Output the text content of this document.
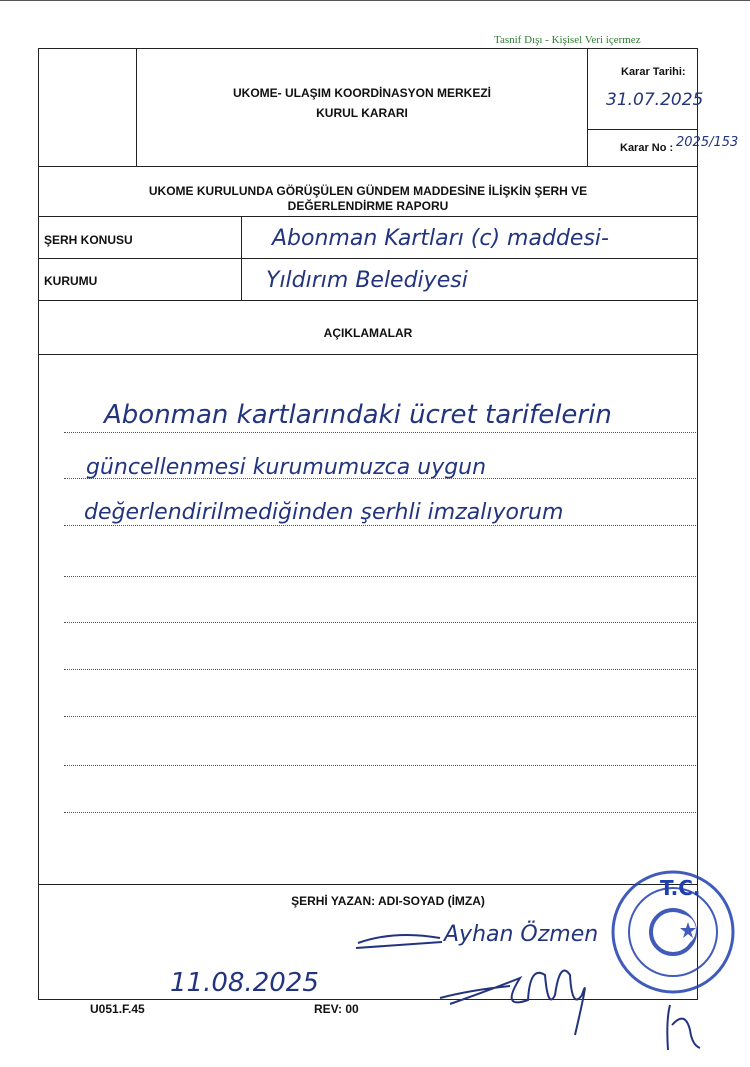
Tasnif Dışı - Kişisel Veri içermez
UKOME- ULAŞIM KOORDİNASYON MERKEZİ
KURUL KARARI
Karar Tarihi:
31.07.2025
Karar No : 2025/153
UKOME KURULUNDA GÖRÜŞÜLEN GÜNDEM MADDESİNE İLİŞKİN ŞERH VE
DEĞERLENDİRME RAPORU
ŞERH KONUSU	Abonman Kartları (c) maddesi-
KURUMU	Yıldırım Belediyesi
AÇIKLAMALAR
Abonman kartlarındaki ücret tarifelerin
güncellenmesi kurumumuzca uygun
değerlendirilmediğinden şerhli imzalıyorum
ŞERHİ YAZAN: ADI-SOYAD (İMZA)
Ayhan Özmen
11.08.2025
T.C.
U051.F.45	REV: 00
